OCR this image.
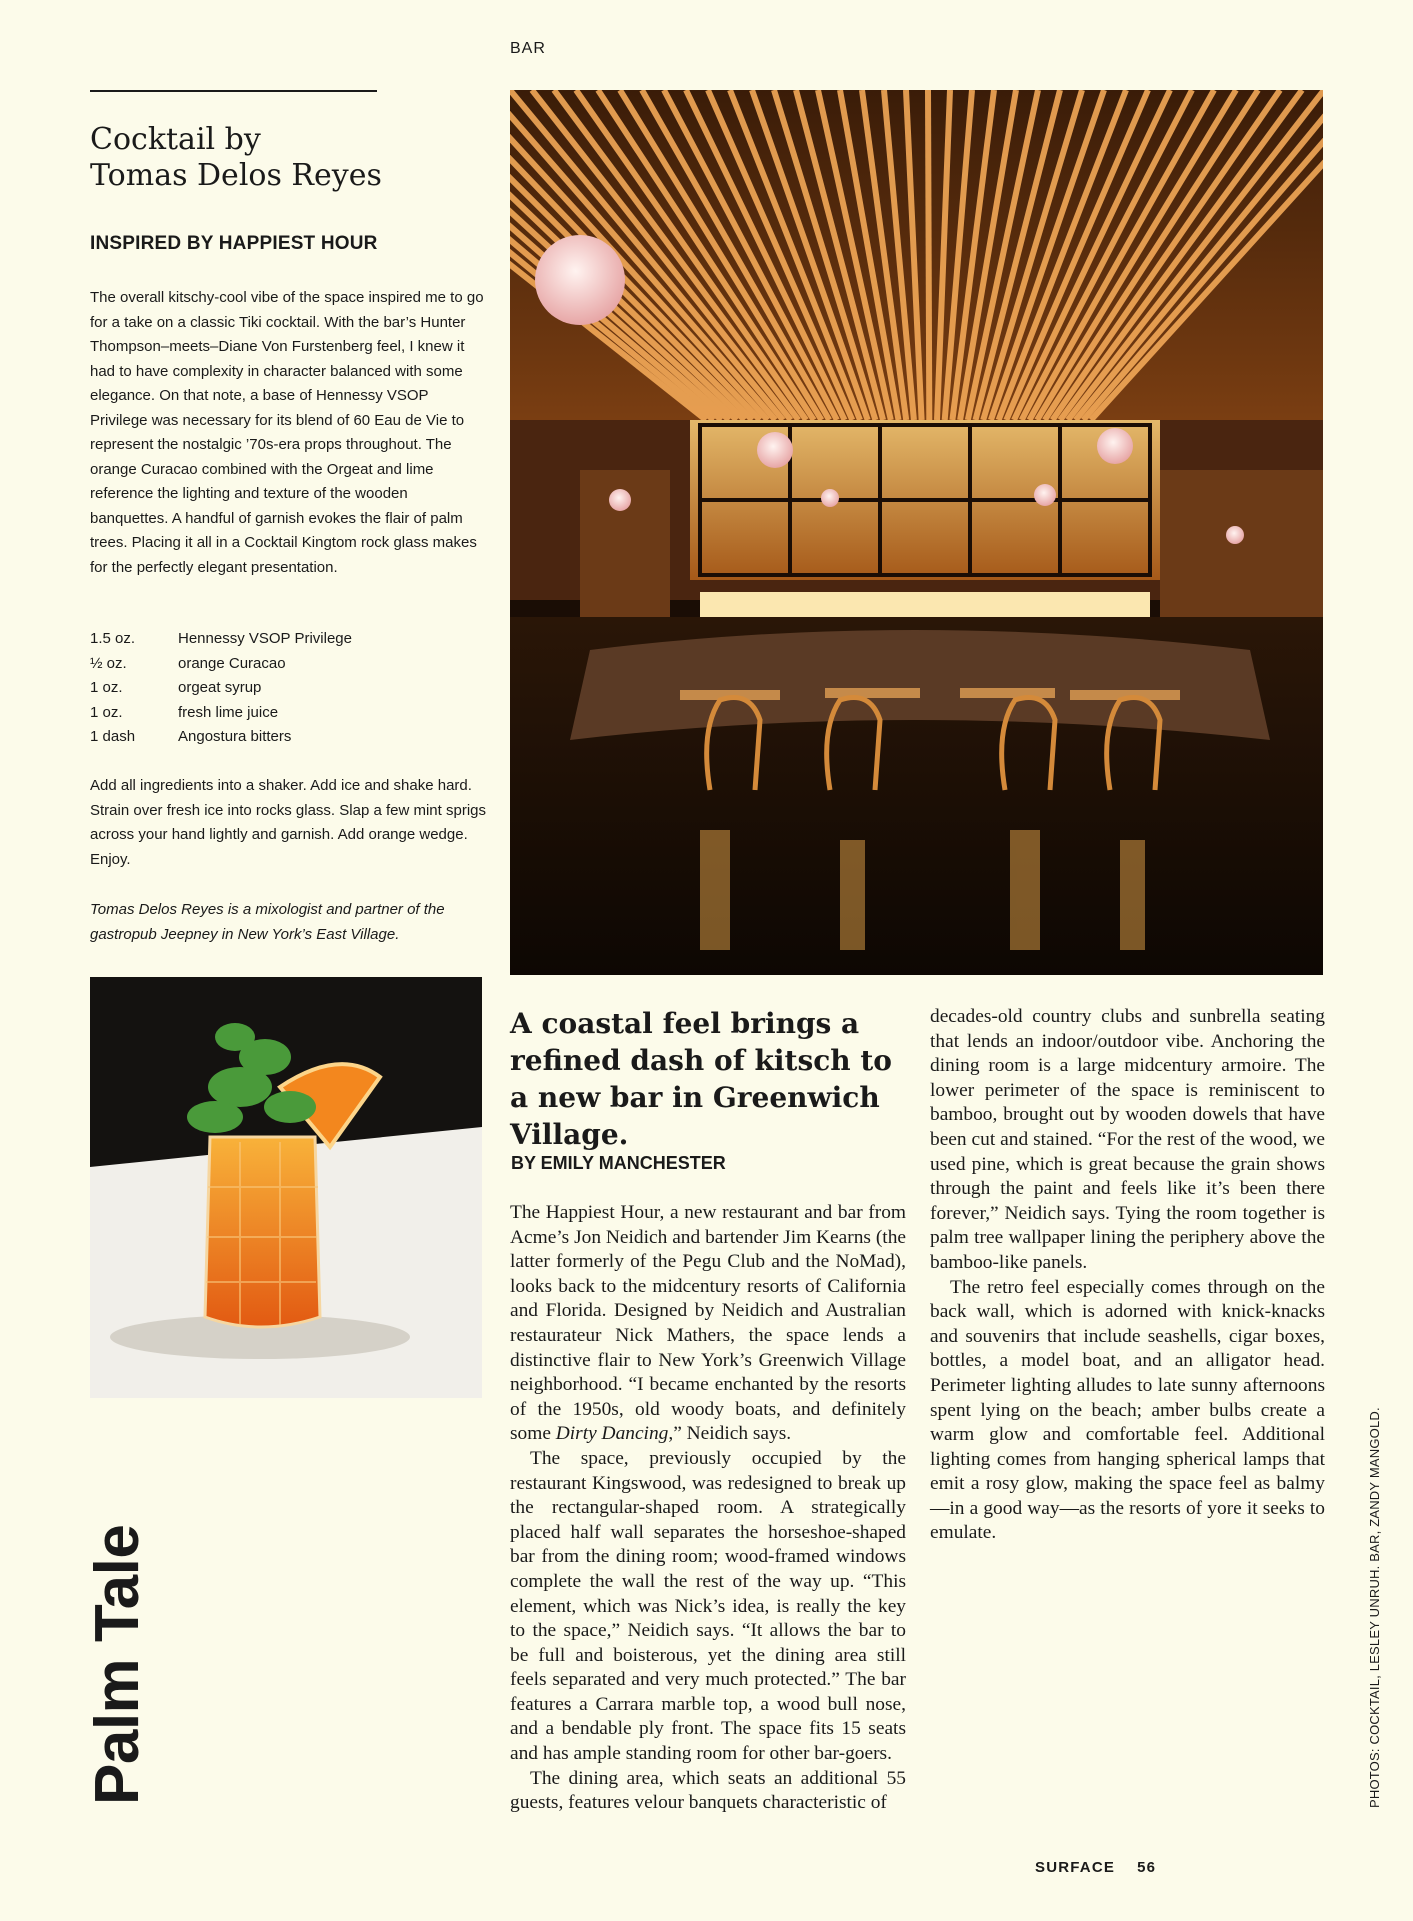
BAR
Cocktail by
Tomas Delos Reyes
INSPIRED BY HAPPIEST HOUR

The overall kitschy-cool vibe of the space inspired me to go for a take on a classic Tiki cocktail. With the bar’s Hunter Thompson–meets–Diane Von Furstenberg feel, I knew it had to have complexity in character balanced with some elegance. On that note, a base of Hennessy VSOP Privilege was necessary for its blend of 60 Eau de Vie to represent the nostalgic ’70s-era props throughout. The orange Curacao combined with the Orgeat and lime reference the lighting and texture of the wooden banquettes. A handful of garnish evokes the flair of palm trees. Placing it all in a Cocktail Kingtom rock glass makes for the perfectly elegant presentation.

1.5 oz.	Hennessy VSOP Privilege
½ oz.	orange Curacao
1 oz.	orgeat syrup
1 oz.	fresh lime juice
1 dash	Angostura bitters

Add all ingredients into a shaker. Add ice and shake hard. Strain over fresh ice into rocks glass. Slap a few mint sprigs across your hand lightly and garnish. Add orange wedge. Enjoy.

Tomas Delos Reyes is a mixologist and partner of the gastropub Jeepney in New York’s East Village.

A coastal feel brings a refined dash of kitsch to a new bar in Greenwich Village.
BY EMILY MANCHESTER

The Happiest Hour, a new restaurant and bar from Acme’s Jon Neidich and bartender Jim Kearns (the latter formerly of the Pegu Club and the NoMad), looks back to the midcentury resorts of California and Florida. Designed by Neidich and Australian restaurateur Nick Mathers, the space lends a distinctive flair to New York’s Greenwich Village neighborhood. “I became enchanted by the resorts of the 1950s, old woody boats, and definitely some Dirty Dancing,” Neidich says.

The space, previously occupied by the restaurant Kingswood, was redesigned to break up the rectangular-shaped room. A strategically placed half wall separates the horseshoe-shaped bar from the dining room; wood-framed windows complete the wall the rest of the way up. “This element, which was Nick’s idea, is really the key to the space,” Neidich says. “It allows the bar to be full and boisterous, yet the dining area still feels separated and very much protected.” The bar features a Carrara marble top, a wood bull nose, and a bendable ply front. The space fits 15 seats and has ample standing room for other bar-goers.

The dining area, which seats an additional 55 guests, features velour banquets characteristic of

decades-old country clubs and sunbrella seating that lends an indoor/outdoor vibe. Anchoring the dining room is a large midcentury armoire. The lower perimeter of the space is reminiscent to bamboo, brought out by wooden dowels that have been cut and stained. “For the rest of the wood, we used pine, which is great because the grain shows through the paint and feels like it’s been there forever,” Neidich says. Tying the room together is palm tree wallpaper lining the periphery above the bamboo-like panels.

The retro feel especially comes through on the back wall, which is adorned with knick-knacks and souvenirs that include seashells, cigar boxes, bottles, a model boat, and an alligator head. Perimeter lighting alludes to late sunny afternoons spent lying on the beach; amber bulbs create a warm glow and comfortable feel. Additional lighting comes from hanging spherical lamps that emit a rosy glow, making the space feel as balmy—in a good way—as the resorts of yore it seeks to emulate.

Palm Tale	PHOTOS: COCKTAIL, LESLEY UNRUH. BAR, ZANDY MANGOLD.
SURFACE 56
